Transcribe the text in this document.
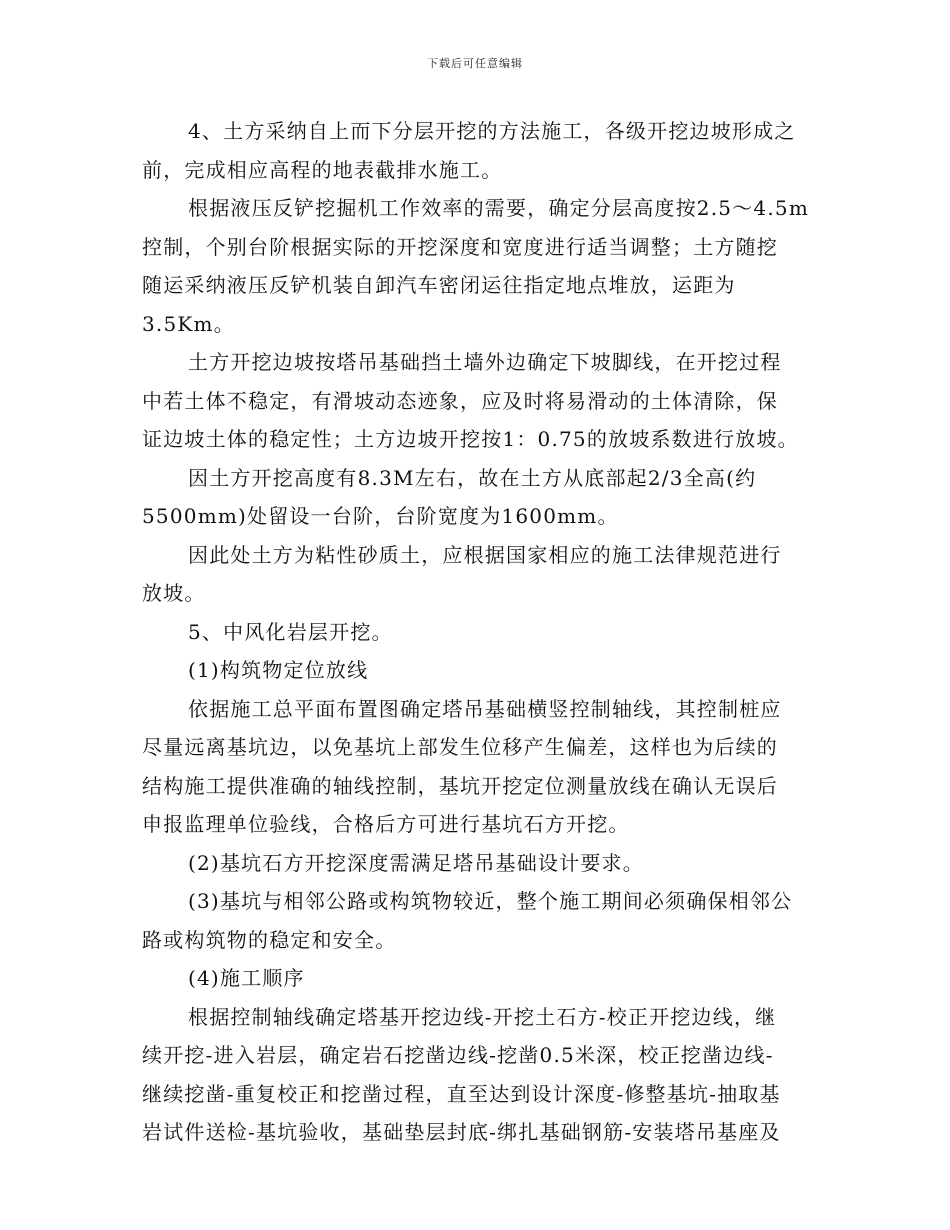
下载后可任意编辑
4、土方采纳自上而下分层开挖的方法施工，各级开挖边坡形成之
前，完成相应高程的地表截排水施工。
根据液压反铲挖掘机工作效率的需要，确定分层高度按2.5～4.5m
控制，个别台阶根据实际的开挖深度和宽度进行适当调整；土方随挖
随运采纳液压反铲机装自卸汽车密闭运往指定地点堆放，运距为
3.5Km。
土方开挖边坡按塔吊基础挡土墙外边确定下坡脚线，在开挖过程
中若土体不稳定，有滑坡动态迹象，应及时将易滑动的土体清除，保
证边坡土体的稳定性；土方边坡开挖按1：0.75的放坡系数进行放坡。
因土方开挖高度有8.3M左右，故在土方从底部起2/3全高(约
5500mm)处留设一台阶，台阶宽度为1600mm。
因此处土方为粘性砂质土，应根据国家相应的施工法律规范进行
放坡。
5、中风化岩层开挖。
(1)构筑物定位放线
依据施工总平面布置图确定塔吊基础横竖控制轴线，其控制桩应
尽量远离基坑边，以免基坑上部发生位移产生偏差，这样也为后续的
结构施工提供准确的轴线控制，基坑开挖定位测量放线在确认无误后
申报监理单位验线，合格后方可进行基坑石方开挖。
(2)基坑石方开挖深度需满足塔吊基础设计要求。
(3)基坑与相邻公路或构筑物较近，整个施工期间必须确保相邻公
路或构筑物的稳定和安全。
(4)施工顺序
根据控制轴线确定塔基开挖边线-开挖土石方-校正开挖边线，继
续开挖-进入岩层，确定岩石挖凿边线-挖凿0.5米深，校正挖凿边线-
继续挖凿-重复校正和挖凿过程，直至达到设计深度-修整基坑-抽取基
岩试件送检-基坑验收，基础垫层封底-绑扎基础钢筋-安装塔吊基座及
